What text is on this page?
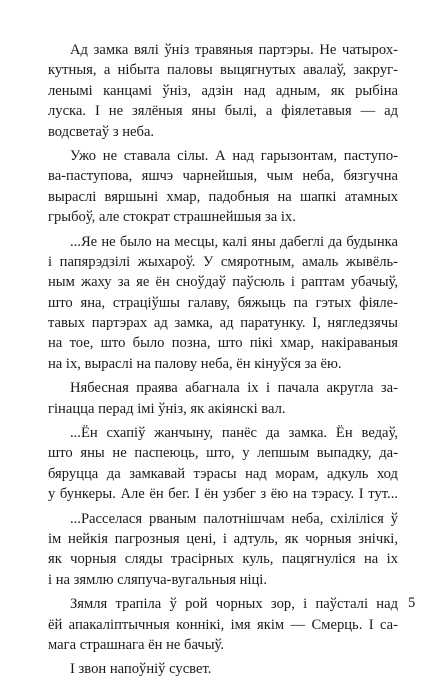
Ад замка вялі ўніз травяныя партэры. Не чатырох-
кутныя, а нібыта паловы выцягнутых авалаў, закруг-
ленымі канцамі ўніз, адзін над адным, як рыбіна
луска. І не зялёныя яны былі, а фіялетавыя — ад
водсветаў з неба.
Ужо не ставала сілы. А над гарызонтам, паступо-
ва-паступова, яшчэ чарнейшыя, чым неба, бязгучна
выраслі вяршыні хмар, падобныя на шапкі атамных
грыбоў, але стократ страшнейшыя за іх.
...Яе не было на месцы, калі яны дабеглі да будынка
і папярэдзілі жыхароў. У смяротным, амаль жывёль-
ным жаху за яе ён сноўдаў паўсюль і раптам убачыў,
што яна, страціўшы галаву, бяжыць па гэтых фіяле-
тавых партэрах ад замка, ад паратунку. І, нягледзячы
на тое, што было позна, што пікі хмар, накіраваныя
на іх, выраслі на палову неба, ён кінуўся за ёю.
Нябесная праява абагнала іх і пачала акругла за-
гінацца перад імі ўніз, як акіянскі вал.
...Ён схапіў жанчыну, панёс да замка. Ён ведаў,
што яны не паспеюць, што, у лепшым выпадку, да-
бяруцца да замкавай тэрасы над морам, адкуль ход
у бункеры. Але ён бег. І ён узбег з ёю на тэрасу. І тут...
...Расселася рваным палотнішчам неба, схіліліся ў
ім нейкія пагрозныя цені, і адтуль, як чорныя знічкі,
як чорныя сляды трасірных куль, пацягнуліся на іх
і на зямлю сляпуча-вугальныя ніці.
Зямля трапіла ў рой чорных зор, і паўсталі над
ёй апакаліптычныя коннікі, імя якім — Смерць. І са-
мага страшнага ён не бачыў.
І звон напоўніў сусвет.
5
